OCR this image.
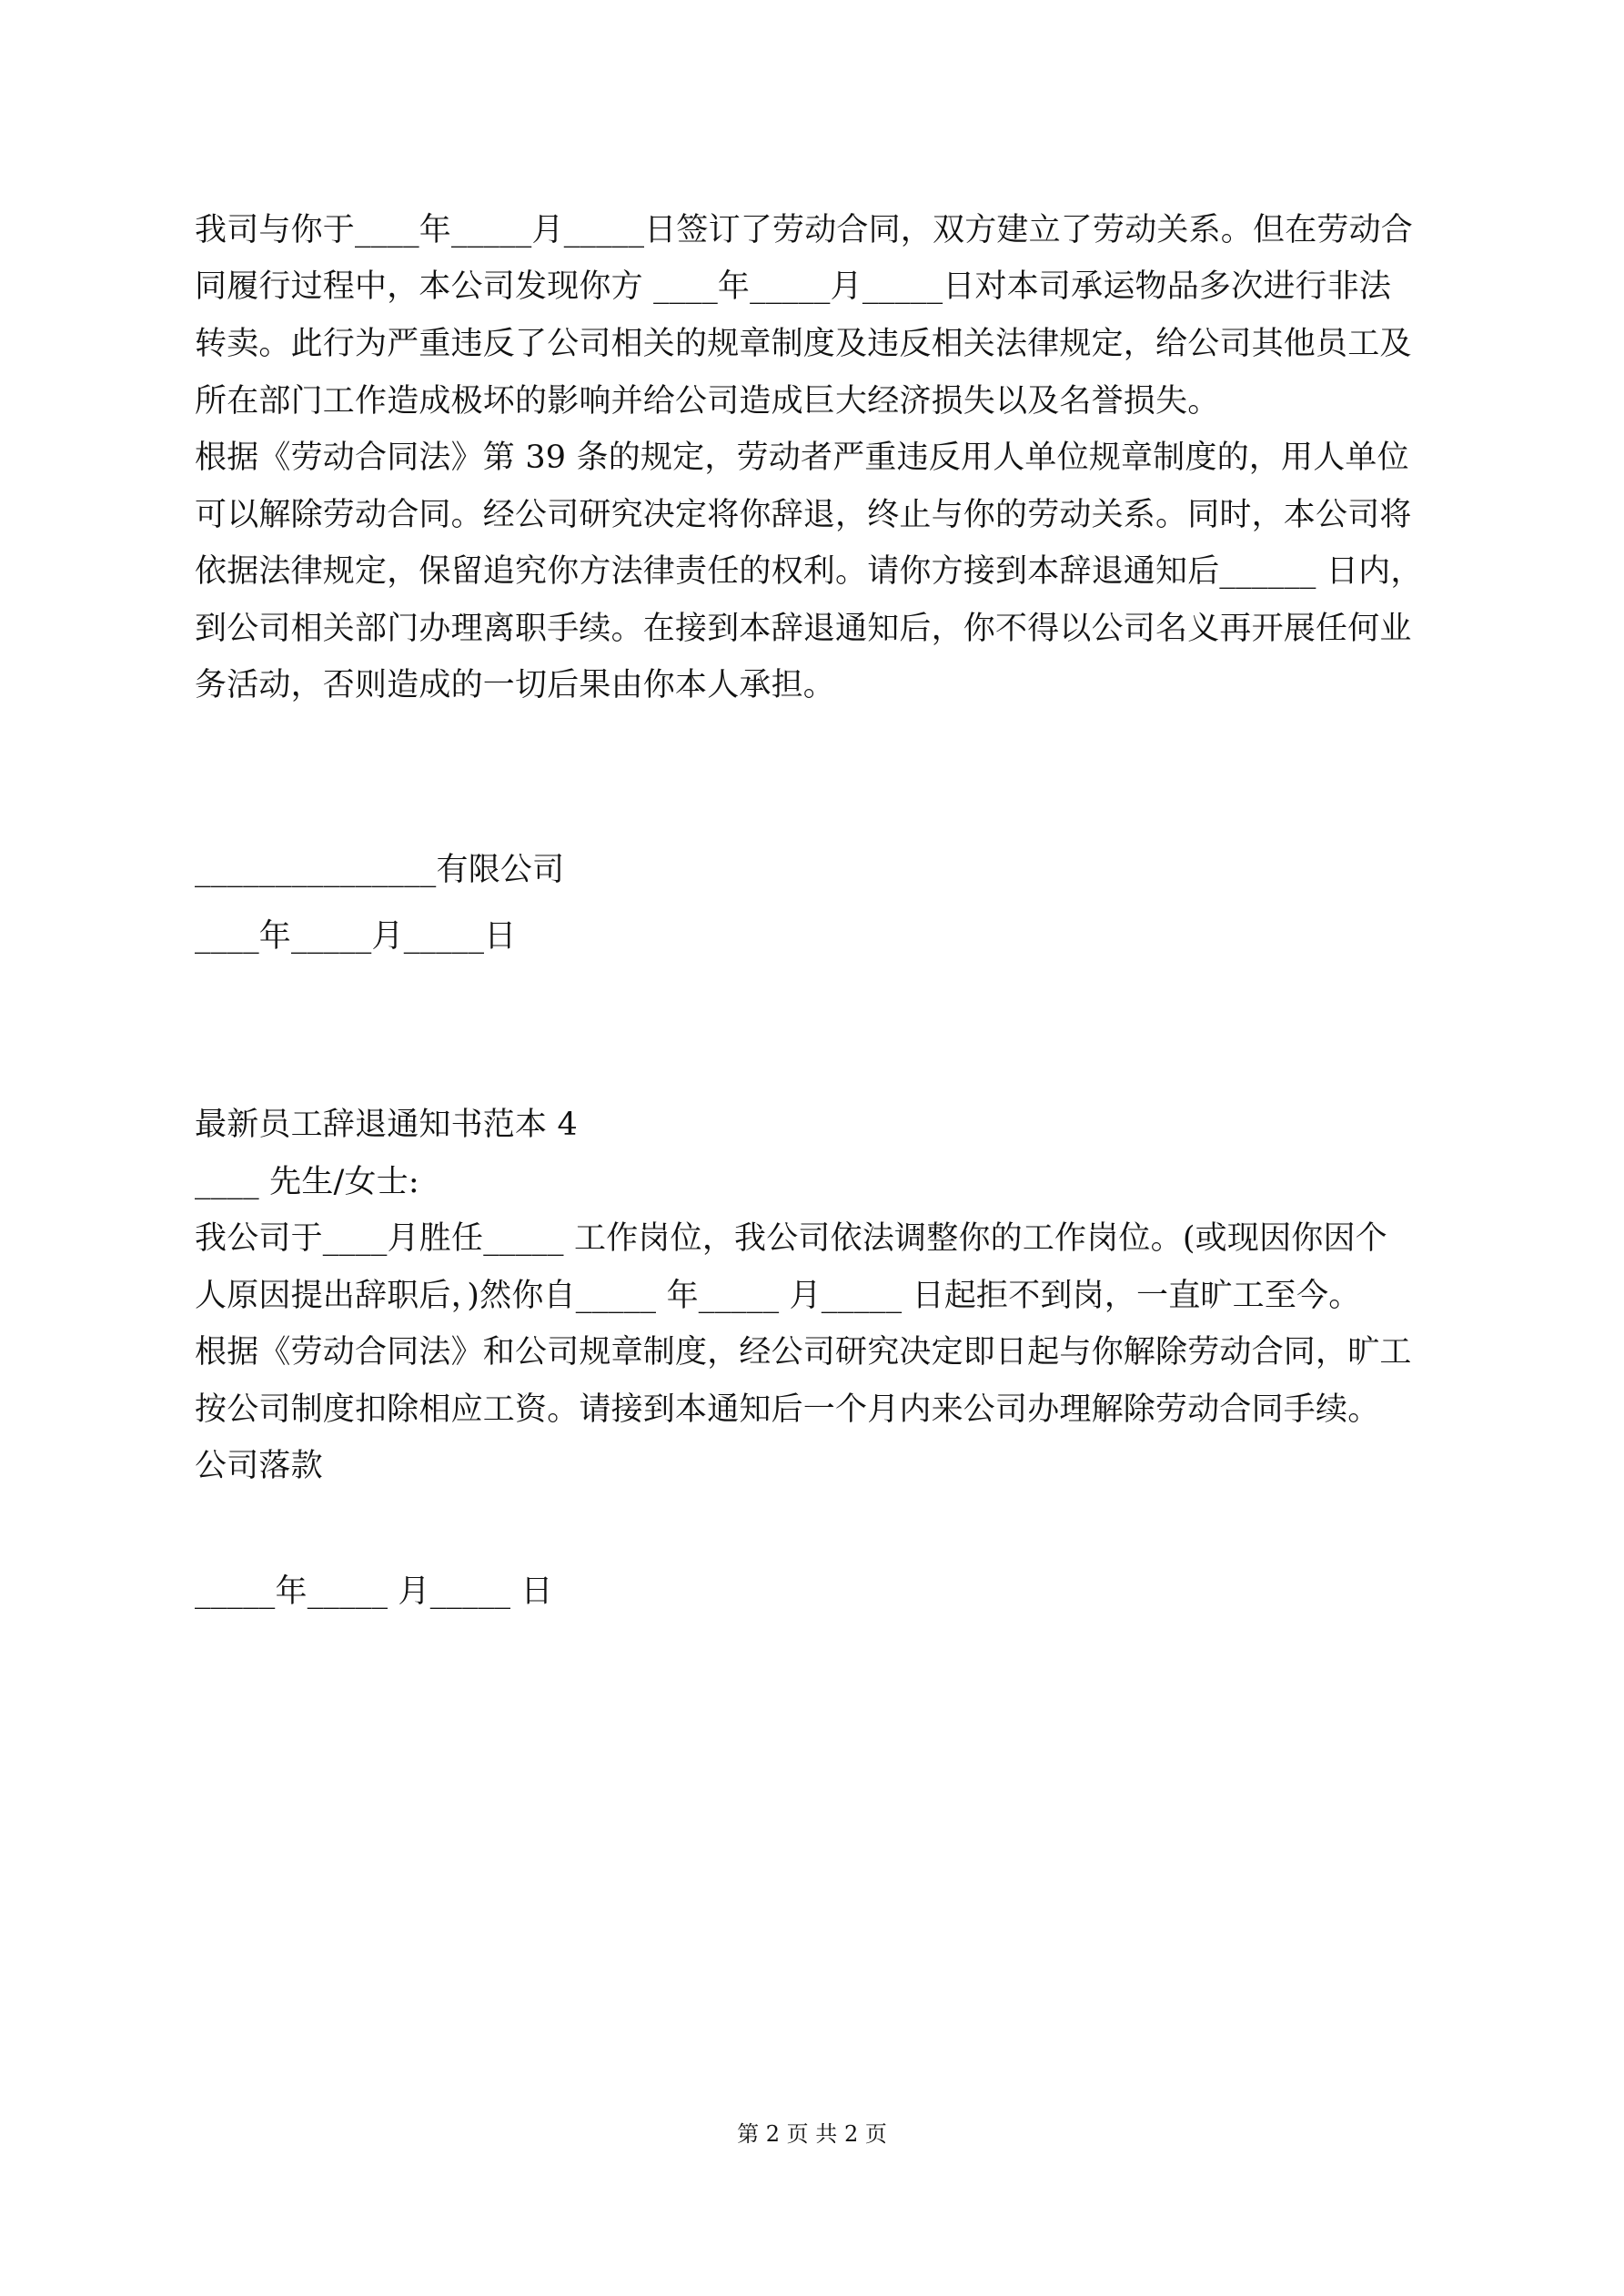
我司与你于____年_____月_____日签订了劳动合同，双方建立了劳动关系。但在劳动合
同履行过程中，本公司发现你方 ____年_____月_____日对本司承运物品多次进行非法
转卖。此行为严重违反了公司相关的规章制度及违反相关法律规定，给公司其他员工及
所在部门工作造成极坏的影响并给公司造成巨大经济损失以及名誉损失。
根据《劳动合同法》第 39 条的规定，劳动者严重违反用人单位规章制度的，用人单位
可以解除劳动合同。经公司研究决定将你辞退，终止与你的劳动关系。同时，本公司将
依据法律规定，保留追究你方法律责任的权利。请你方接到本辞退通知后______ 日内，
到公司相关部门办理离职手续。在接到本辞退通知后，你不得以公司名义再开展任何业
务活动，否则造成的一切后果由你本人承担。
_______________有限公司
____年_____月_____日
最新员工辞退通知书范本 4
____ 先生/女士:
我公司于____月胜任_____ 工作岗位，我公司依法调整你的工作岗位。(或现因你因个
人原因提出辞职后，)然你自_____ 年_____ 月_____ 日起拒不到岗，一直旷工至今。
根据《劳动合同法》和公司规章制度，经公司研究决定即日起与你解除劳动合同，旷工
按公司制度扣除相应工资。请接到本通知后一个月内来公司办理解除劳动合同手续。
公司落款
_____年_____ 月_____ 日
第 2 页 共 2 页
